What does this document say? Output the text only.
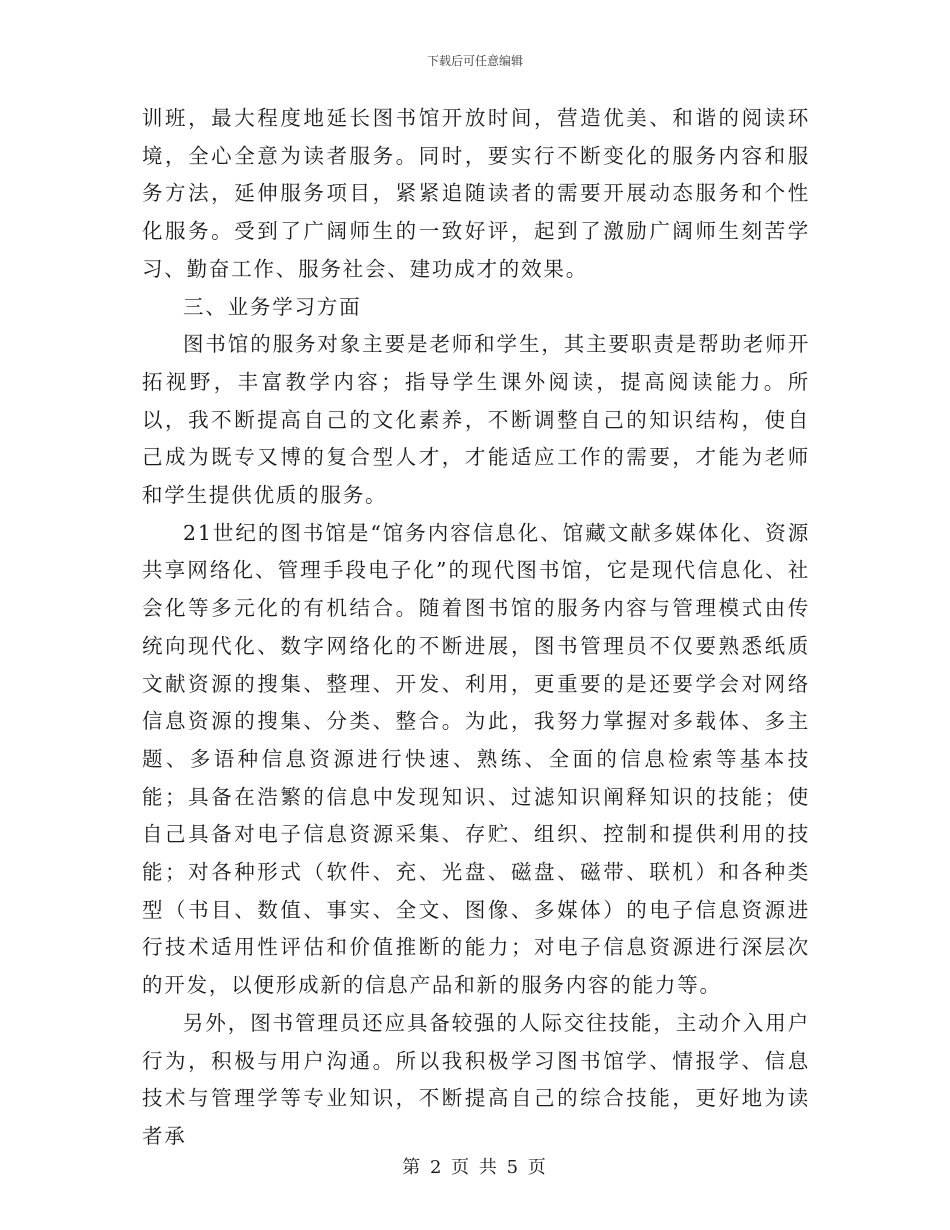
下载后可任意编辑

训班，最大程度地延长图书馆开放时间，营造优美、和谐的阅读环境，全心全意为读者服务。同时，要实行不断变化的服务内容和服务方法，延伸服务项目，紧紧追随读者的需要开展动态服务和个性化服务。受到了广阔师生的一致好评，起到了激励广阔师生刻苦学习、勤奋工作、服务社会、建功成才的效果。

三、业务学习方面

图书馆的服务对象主要是老师和学生，其主要职责是帮助老师开拓视野，丰富教学内容；指导学生课外阅读，提高阅读能力。所以，我不断提高自己的文化素养，不断调整自己的知识结构，使自己成为既专又博的复合型人才，才能适应工作的需要，才能为老师和学生提供优质的服务。

21世纪的图书馆是“馆务内容信息化、馆藏文献多媒体化、资源共享网络化、管理手段电子化”的现代图书馆，它是现代信息化、社会化等多元化的有机结合。随着图书馆的服务内容与管理模式由传统向现代化、数字网络化的不断进展，图书管理员不仅要熟悉纸质文献资源的搜集、整理、开发、利用，更重要的是还要学会对网络信息资源的搜集、分类、整合。为此，我努力掌握对多载体、多主题、多语种信息资源进行快速、熟练、全面的信息检索等基本技能；具备在浩繁的信息中发现知识、过滤知识阐释知识的技能；使自己具备对电子信息资源采集、存贮、组织、控制和提供利用的技能；对各种形式（软件、充、光盘、磁盘、磁带、联机）和各种类型（书目、数值、事实、全文、图像、多媒体）的电子信息资源进行技术适用性评估和价值推断的能力；对电子信息资源进行深层次的开发，以便形成新的信息产品和新的服务内容的能力等。

另外，图书管理员还应具备较强的人际交往技能，主动介入用户行为，积极与用户沟通。所以我积极学习图书馆学、情报学、信息技术与管理学等专业知识，不断提高自己的综合技能，更好地为读者承

第 2 页 共 5 页
